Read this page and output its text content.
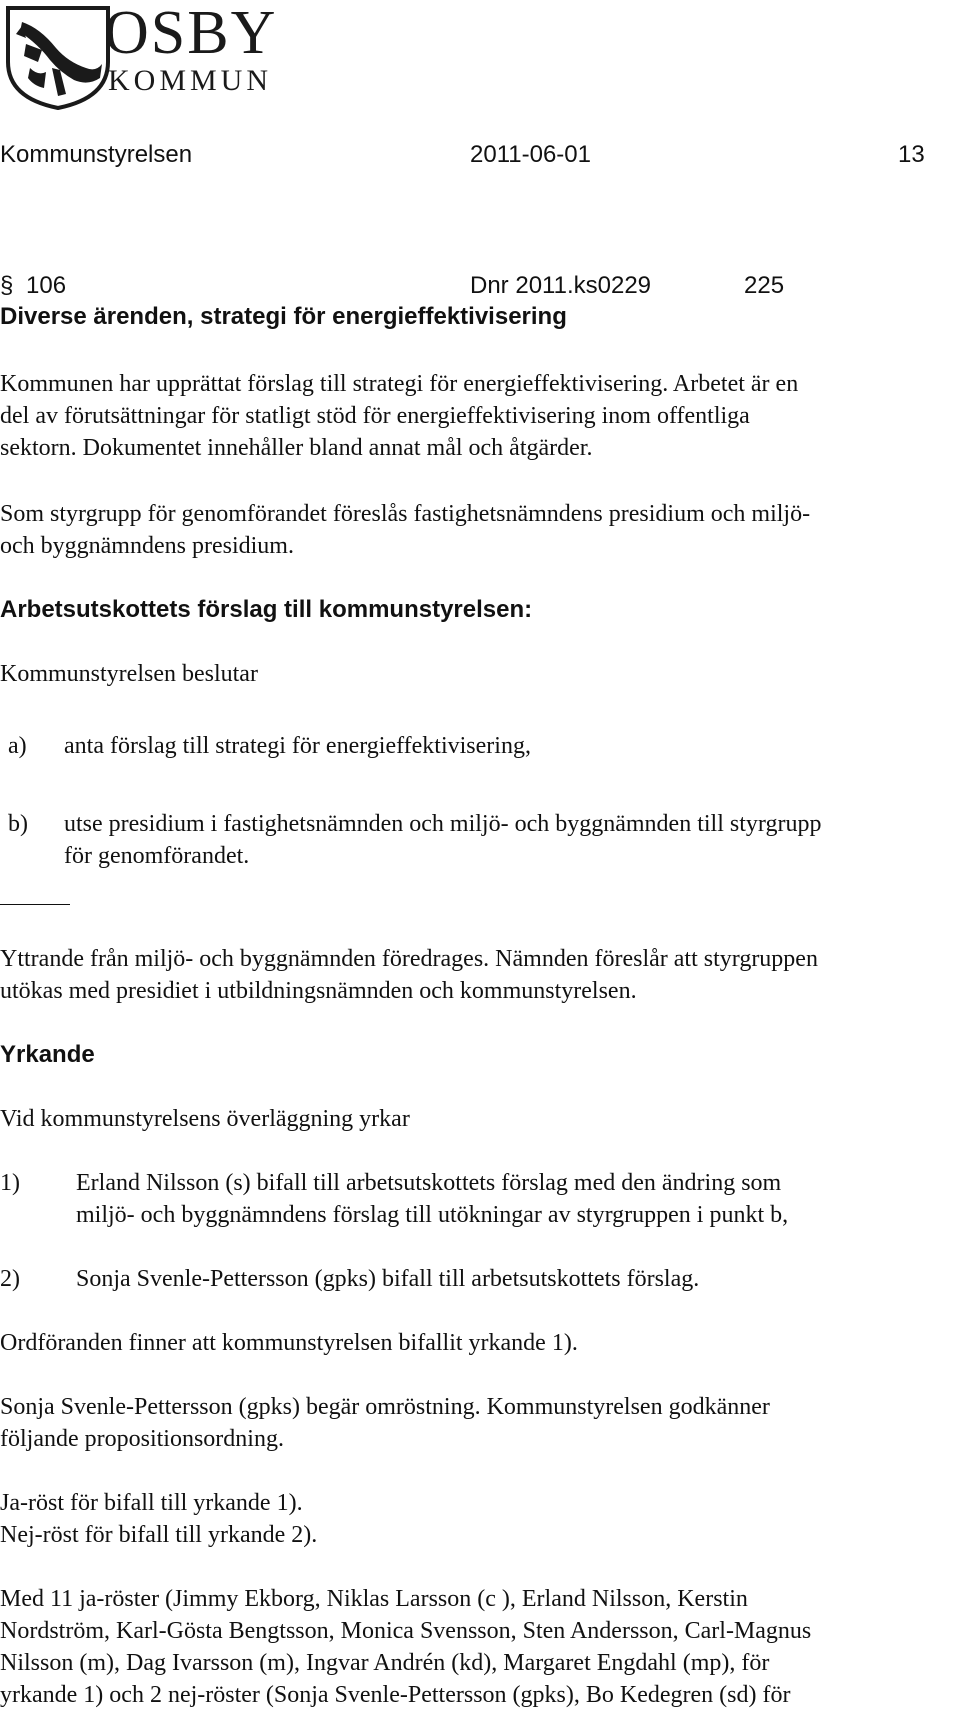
OSBY
KOMMUN
Kommunstyrelsen	2011-06-01	13
§ 106	Dnr 2011.ks0229	225
Diverse ärenden, strategi för energieffektivisering
Kommunen har upprättat förslag till strategi för energieffektivisering. Arbetet är en
del av förutsättningar för statligt stöd för energieffektivisering inom offentliga
sektorn. Dokumentet innehåller bland annat mål och åtgärder.
Som styrgrupp för genomförandet föreslås fastighetsnämndens presidium och miljö-
och byggnämndens presidium.
Arbetsutskottets förslag till kommunstyrelsen:
Kommunstyrelsen beslutar
a) anta förslag till strategi för energieffektivisering,
b) utse presidium i fastighetsnämnden och miljö- och byggnämnden till styrgrupp
för genomförandet.
Yttrande från miljö- och byggnämnden föredrages. Nämnden föreslår att styrgruppen
utökas med presidiet i utbildningsnämnden och kommunstyrelsen.
Yrkande
Vid kommunstyrelsens överläggning yrkar
1) Erland Nilsson (s) bifall till arbetsutskottets förslag med den ändring som
miljö- och byggnämndens förslag till utökningar av styrgruppen i punkt b,
2) Sonja Svenle-Pettersson (gpks) bifall till arbetsutskottets förslag.
Ordföranden finner att kommunstyrelsen bifallit yrkande 1).
Sonja Svenle-Pettersson (gpks) begär omröstning. Kommunstyrelsen godkänner
följande propositionsordning.
Ja-röst för bifall till yrkande 1).
Nej-röst för bifall till yrkande 2).
Med 11 ja-röster (Jimmy Ekborg, Niklas Larsson (c ), Erland Nilsson, Kerstin
Nordström, Karl-Gösta Bengtsson, Monica Svensson, Sten Andersson, Carl-Magnus
Nilsson (m), Dag Ivarsson (m), Ingvar Andrén (kd), Margaret Engdahl (mp), för
yrkande 1) och 2 nej-röster (Sonja Svenle-Pettersson (gpks), Bo Kedegren (sd) för
